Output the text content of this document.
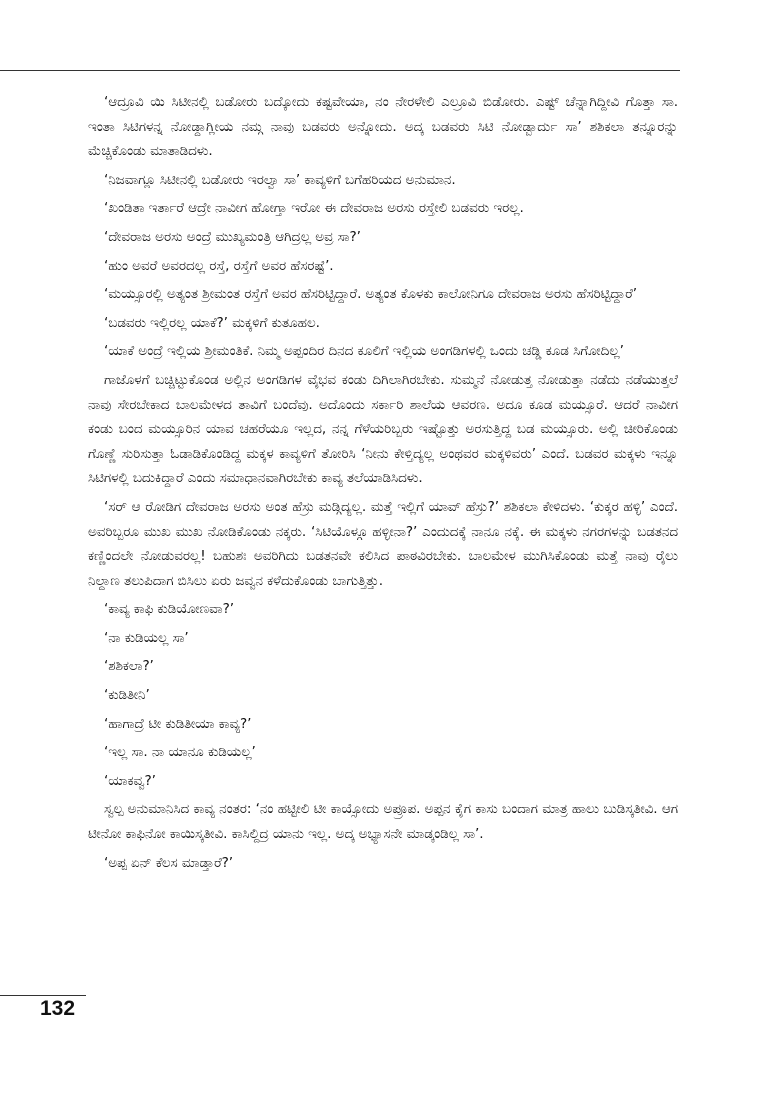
‘ಆದ್ರೂವಿ ಯಿ ಸಿಟೀನಲ್ಲಿ ಬಡೋರು ಬದ್ಕೋದು ಕಷ್ಟವೇಯಾ, ನಂ ನೇರಳೇಲಿ ಎಲ್ರೂವಿ ಬಿಡೋರು. ಎಷ್ಟ್ ಚೆನ್ನಾಗಿದ್ದೀವಿ ಗೊತ್ತಾ ಸಾ. ಇಂತಾ ಸಿಟಿಗಳನ್ನ ನೋಡ್ದಾಗ್ಲೀಯ ನಮ್ಗ ನಾವು ಬಡವರು ಅನ್ನೋದು. ಅದ್ಕ ಬಡವರು ಸಿಟಿ ನೋಡ್ಬಾರ್ದು ಸಾ’ ಶಶಿಕಲಾ ತನ್ನೂರನ್ನು ಮೆಚ್ಚಿಕೊಂಡು ಮಾತಾಡಿದಳು.

‘ನಿಜವಾಗ್ಲೂ ಸಿಟೀನಲ್ಲಿ ಬಡೋರು ಇರಲ್ವಾ ಸಾ’ ಕಾವ್ಯಳಿಗೆ ಬಗೆಹರಿಯದ ಅನುಮಾನ.

‘ಖಂಡಿತಾ ಇರ್ತಾರೆ ಆದ್ರೇ ನಾವೀಗ ಹೋಗ್ತಾ ಇರೋ ಈ ದೇವರಾಜ ಅರಸು ರಸ್ತೇಲಿ ಬಡವರು ಇರಲ್ಲ.

‘ದೇವರಾಜ ಅರಸು ಅಂದ್ರೆ ಮುಖ್ಯಮಂತ್ರಿ ಆಗಿದ್ರಲ್ಲ ಅವ್ರ ಸಾ?’

‘ಹುಂ ಅವರೆ ಅವರದಲ್ಲ ರಸ್ತೆ, ರಸ್ತೆಗೆ ಅವರ ಹೆಸರಷ್ಟೆ’.

‘ಮಯ್ಸೂರಲ್ಲಿ ಅತ್ಯಂತ ಶ್ರೀಮಂತ ರಸ್ತೆಗೆ ಅವರ ಹೆಸರಿಟ್ಟಿದ್ದಾರೆ. ಅತ್ಯಂತ ಕೊಳಕು ಕಾಲೋನಿಗೂ ದೇವರಾಜ ಅರಸು ಹೆಸರಿಟ್ಟಿದ್ದಾರೆ’

‘ಬಡವರು ಇಲ್ಲಿರಲ್ಲ ಯಾಕೆ?’ ಮಕ್ಕಳಿಗೆ ಕುತೂಹಲ.

‘ಯಾಕೆ ಅಂದ್ರೆ ಇಲ್ಲಿಯ ಶ್ರೀಮಂತಿಕೆ. ನಿಮ್ಮ ಅಪ್ಪಂದಿರ ದಿನದ ಕೂಲಿಗೆ ಇಲ್ಲಿಯ ಅಂಗಡಿಗಳಲ್ಲಿ ಒಂದು ಚಡ್ಡಿ ಕೂಡ ಸಿಗೋದಿಲ್ಲ’

ಗಾಜೊಳಗೆ ಬಚ್ಚಿಟ್ಟುಕೊಂಡ ಅಲ್ಲಿನ ಅಂಗಡಿಗಳ ವೈಭವ ಕಂಡು ದಿಗಿಲಾಗಿರಬೇಕು. ಸುಮ್ಮನೆ ನೋಡುತ್ತ ನೋಡುತ್ತಾ ನಡೆದು ನಡೆಯುತ್ತಲೆ ನಾವು ಸೇರಬೇಕಾದ ಬಾಲಮೇಳದ ತಾವಿಗೆ ಬಂದೆವು. ಅದೊಂದು ಸರ್ಕಾರಿ ಶಾಲೆಯ ಆವರಣ. ಅದೂ ಕೂಡ ಮಯ್ಸೂರೆ. ಆದರೆ ನಾವೀಗ ಕಂಡು ಬಂದ ಮಯ್ಸೂರಿನ ಯಾವ ಚಹರೆಯೂ ಇಲ್ಲದ, ನನ್ನ ಗೆಳೆಯರಿಬ್ಬರು ಇಷ್ಟೊತ್ತು ಅರಸುತ್ತಿದ್ದ ಬಡ ಮಯ್ಸೂರು. ಅಲ್ಲಿ ಚೀರಿಕೊಂಡು ಗೊಣ್ಣೆ ಸುರಿಸುತ್ತಾ ಓಡಾಡಿಕೊಂಡಿದ್ದ ಮಕ್ಕಳ ಕಾವ್ಯಳಿಗೆ ತೋರಿಸಿ ‘ನೀನು ಕೇಳ್ತಿದ್ಯಲ್ಲ ಅಂಥವರ ಮಕ್ಕಳಿವರು’ ಎಂದೆ. ಬಡವರ ಮಕ್ಕಳು ಇನ್ನೂ ಸಿಟಿಗಳಲ್ಲಿ ಬದುಕಿದ್ದಾರೆ ಎಂದು ಸಮಾಧಾನವಾಗಿರಬೇಕು ಕಾವ್ಯ ತಲೆಯಾಡಿಸಿದಳು.

‘ಸರ್ ಆ ರೋಡಿಗ ದೇವರಾಜ ಅರಸು ಅಂತ ಹೆಸ್ರು ಮಡ್ಗಿದ್ಯಲ್ಲ. ಮತ್ತೆ ಇಲ್ಲಿಗೆ ಯಾವ್ ಹೆಸ್ರು?’ ಶಶಿಕಲಾ ಕೇಳಿದಳು. ‘ಕುಕ್ಕರ ಹಳ್ಳಿ’ ಎಂದೆ. ಅವರಿಬ್ಬರೂ ಮುಖ ಮುಖ ನೋಡಿಕೊಂಡು ನಕ್ಕರು. ‘ಸಿಟಿಯೊಳ್ಗೂ ಹಳ್ಳೀನಾ?’ ಎಂದುದಕ್ಕೆ ನಾನೂ ನಕ್ಕೆ. ಈ ಮಕ್ಕಳು ನಗರಗಳನ್ನು ಬಡತನದ ಕಣ್ಣಿಂದಲೇ ನೋಡುವರಲ್ಲ! ಬಹುಶಃ ಅವರಿಗಿದು ಬಡತನವೇ ಕಲಿಸಿದ ಪಾಠವಿರಬೇಕು. ಬಾಲಮೇಳ ಮುಗಿಸಿಕೊಂಡು ಮತ್ತೆ ನಾವು ರೈಲು ನಿಲ್ದಾಣ ತಲುಪಿದಾಗ ಬಿಸಿಲು ಏರು ಜವ್ವನ ಕಳೆದುಕೊಂಡು ಬಾಗುತ್ತಿತ್ತು.

‘ಕಾವ್ಯ ಕಾಫಿ ಕುಡಿಯೋಣವಾ?’

‘ನಾ ಕುಡಿಯಲ್ಲ ಸಾ’

‘ಶಶಿಕಲಾ?’

‘ಕುಡಿತೀನಿ’

‘ಹಾಗಾದ್ರೆ ಟೀ ಕುಡಿತೀಯಾ ಕಾವ್ಯ?’

‘ಇಲ್ಲ ಸಾ. ನಾ ಯಾನೂ ಕುಡಿಯಲ್ಲ’

‘ಯಾಕವ್ವ?’

ಸ್ವಲ್ಪ ಅನುಮಾನಿಸಿದ ಕಾವ್ಯ ನಂತರ: ‘ನಂ ಹಟ್ಟೀಲಿ ಟೀ ಕಾಯ್ಸೋದು ಅಪ್ರೂಪ. ಅಪ್ಪನ ಕೈಗ ಕಾಸು ಬಂದಾಗ ಮಾತ್ರ ಹಾಲು ಬುಡಿಸ್ಕತೀವಿ. ಆಗ ಟೀನೋ ಕಾಫಿನೋ ಕಾಯಿಸ್ಕತೀವಿ. ಕಾಸಿಲ್ದಿದ್ರ ಯಾನು ಇಲ್ಲ. ಅದ್ಕ ಅಭ್ಯಾಸನೇ ಮಾಡ್ಕಂಡಿಲ್ಲ ಸಾ’.

‘ಅಪ್ಪ ಏನ್ ಕೆಲಸ ಮಾಡ್ತಾರೆ?’

132
